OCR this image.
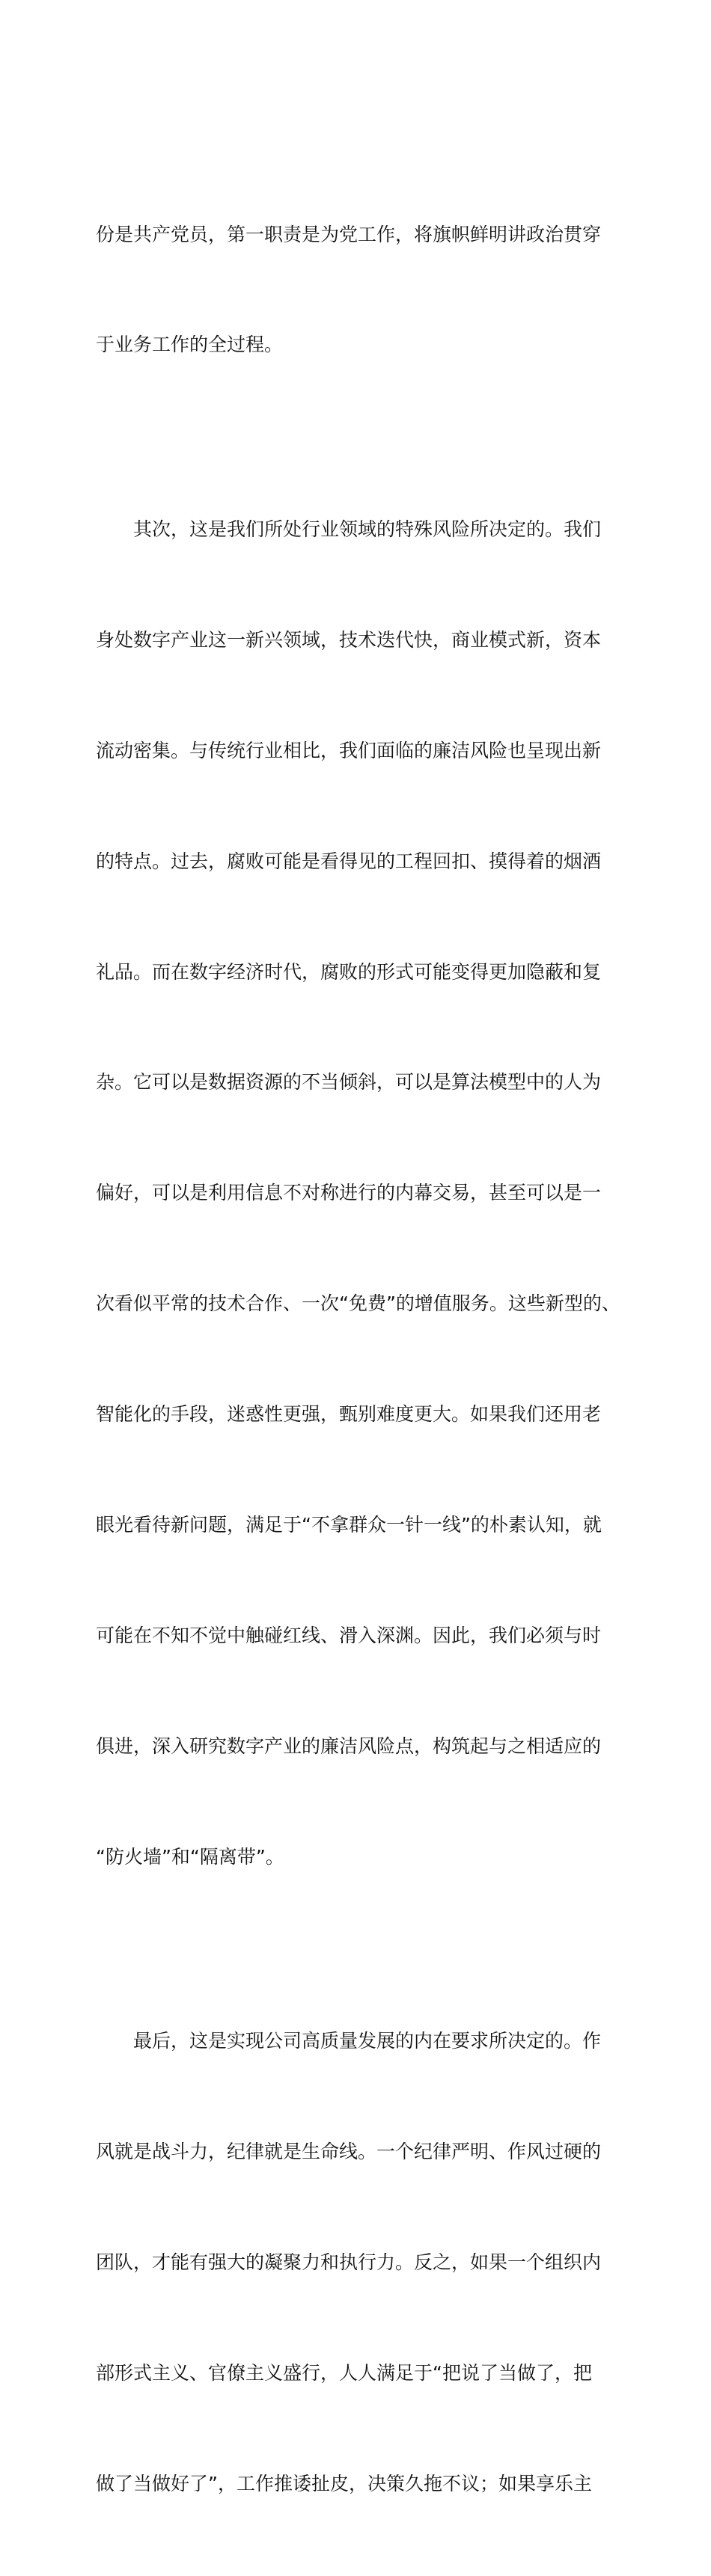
份是共产党员，第一职责是为党工作，将旗帜鲜明讲政治贯穿

于业务工作的全过程。

其次，这是我们所处行业领域的特殊风险所决定的。我们

身处数字产业这一新兴领域，技术迭代快，商业模式新，资本

流动密集。与传统行业相比，我们面临的廉洁风险也呈现出新

的特点。过去，腐败可能是看得见的工程回扣、摸得着的烟酒

礼品。而在数字经济时代，腐败的形式可能变得更加隐蔽和复

杂。它可以是数据资源的不当倾斜，可以是算法模型中的人为

偏好，可以是利用信息不对称进行的内幕交易，甚至可以是一

次看似平常的技术合作、一次“免费”的增值服务。这些新型的、

智能化的手段，迷惑性更强，甄别难度更大。如果我们还用老

眼光看待新问题，满足于“不拿群众一针一线”的朴素认知，就

可能在不知不觉中触碰红线、滑入深渊。因此，我们必须与时

俱进，深入研究数字产业的廉洁风险点，构筑起与之相适应的

“防火墙”和“隔离带”。

最后，这是实现公司高质量发展的内在要求所决定的。作

风就是战斗力，纪律就是生命线。一个纪律严明、作风过硬的

团队，才能有强大的凝聚力和执行力。反之，如果一个组织内

部形式主义、官僚主义盛行，人人满足于“把说了当做了，把

做了当做好了”，工作推诿扯皮，决策久拖不议；如果享乐主
